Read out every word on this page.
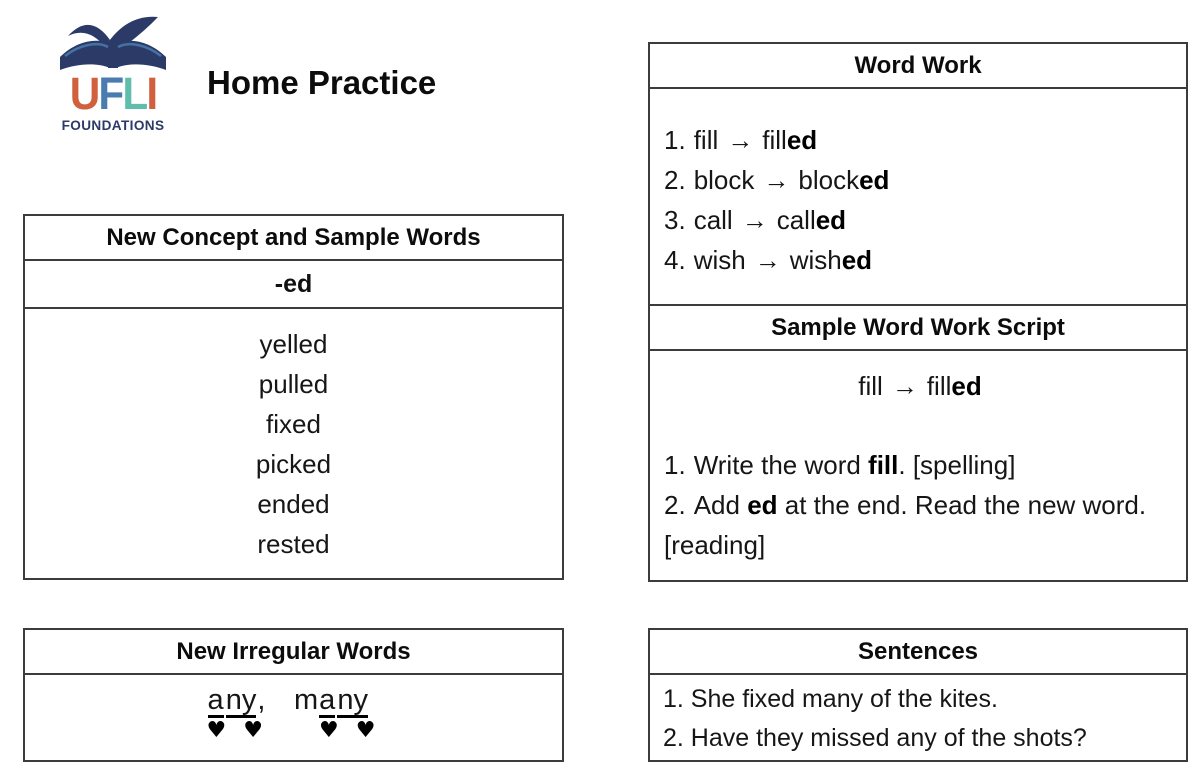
UFLI
FOUNDATIONS
Home Practice
New Concept and Sample Words
-ed
yelled
pulled
fixed
picked
ended
rested
Word Work
1. fill → filled
2. block → blocked
3. call → called
4. wish → wished
Sample Word Work Script
fill → filled
1. Write the word fill. [spelling]
2. Add ed at the end. Read the new word. [reading]
New Irregular Words
any,
♥ ♥
many
♥ ♥
Sentences
1. She fixed many of the kites.
2. Have they missed any of the shots?
